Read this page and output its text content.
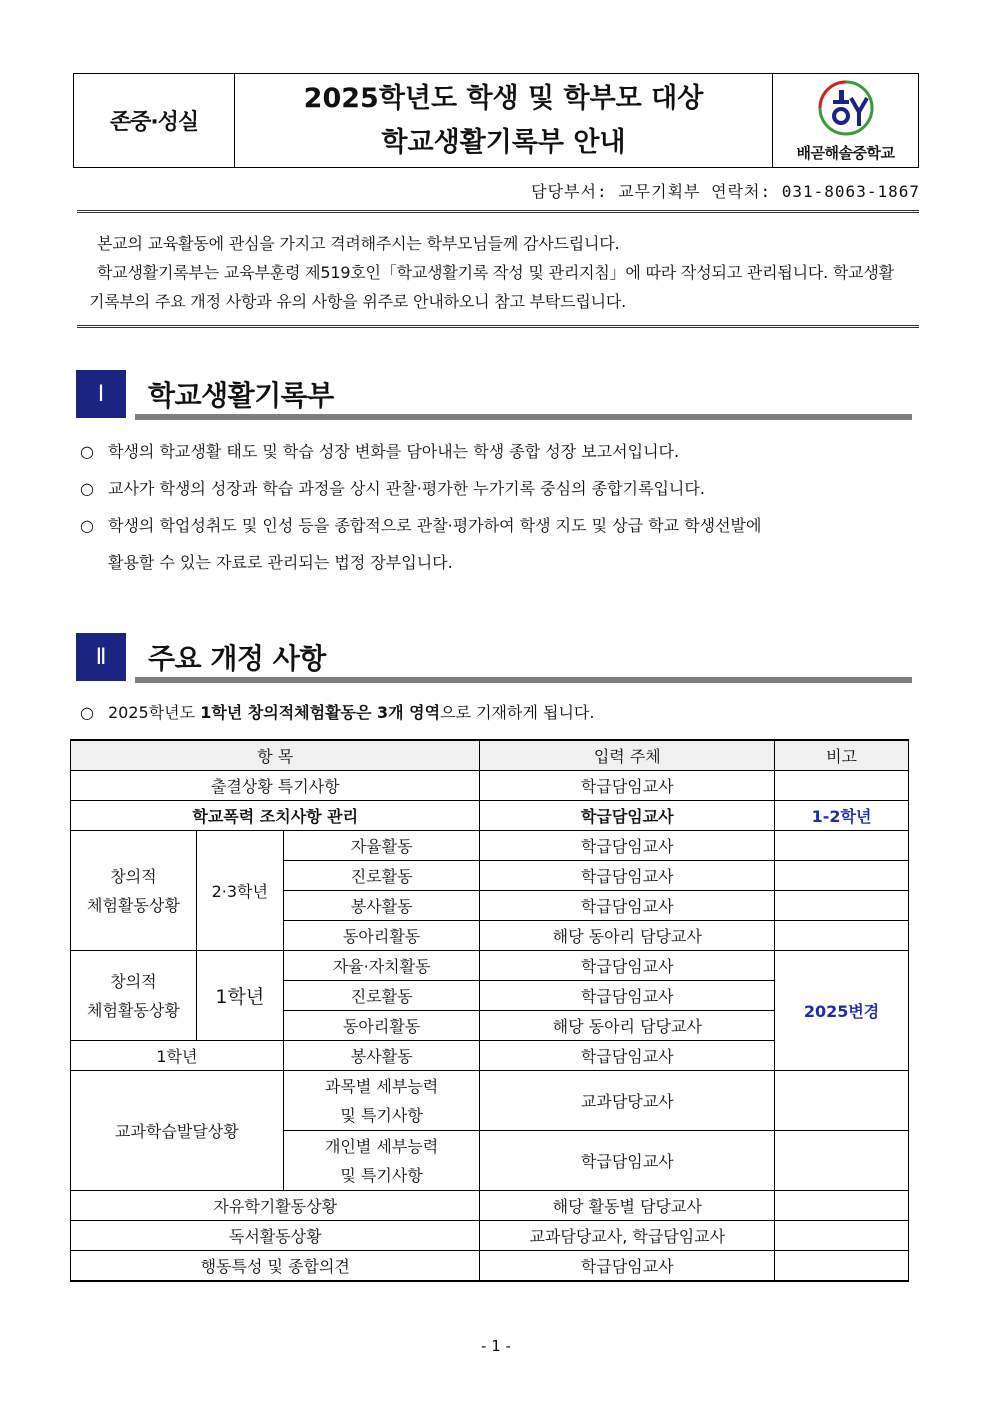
존중·성실
2025학년도 학생 및 학부모 대상
학교생활기록부 안내	배곧해솔중학교
담당부서: 교무기획부 연락처: 031-8063-1867

본교의 교육활동에 관심을 가지고 격려해주시는 학부모님들께 감사드립니다.

학교생활기록부는 교육부훈령 제519호인「학교생활기록 작성 및 관리지침」에 따라 작성되고 관리됩니다. 학교생활기록부의 주요 개정 사항과 유의 사항을 위주로 안내하오니 참고 부탁드립니다.

Ⅰ	학교생활기록부
○ 학생의 학교생활 태도 및 학습 성장 변화를 담아내는 학생 종합 성장 보고서입니다.
○ 교사가 학생의 성장과 학습 과정을 상시 관찰·평가한 누가기록 중심의 종합기록입니다.
○ 학생의 학업성취도 및 인성 등을 종합적으로 관찰·평가하여 학생 지도 및 상급 학교 학생선발에
활용할 수 있는 자료로 관리되는 법정 장부입니다.
Ⅱ	주요 개정 사항
○ 2025학년도 1학년 창의적체험활동은 3개 영역으로 기재하게 됩니다.
항 목			입력 주체	비고
출결상황 특기사항			학급담임교사	
학교폭력 조치사항 관리			학급담임교사	1-2학년

창의적
체험활동상황	2·3학년	자율활동	학급담임교사	
		진로활동	학급담임교사	
		봉사활동	학급담임교사	
		동아리활동	해당 동아리 담당교사	

창의적
체험활동상황	1학년	자율·자치활동	학급담임교사	2025변경
		진로활동	학급담임교사	
		동아리활동	해당 동아리 담당교사	
1학년		봉사활동	학급담임교사	
교과학습발달상황		과목별 세부능력
및 특기사항	교과담당교사	

		개인별 세부능력
및 특기사항	학급담임교사	
자유학기활동상황			해당 활동별 담당교사	
독서활동상황			교과담당교사, 학급담임교사	
행동특성 및 종합의견			학급담임교사	
- 1 -
